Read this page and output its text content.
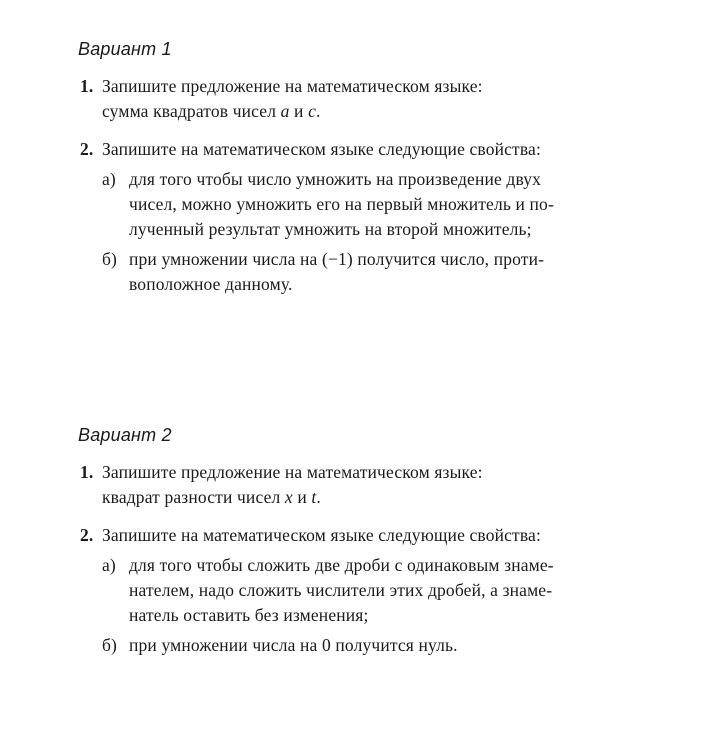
Вариант 1
1. Запишите предложение на математическом языке:
сумма квадратов чисел a и c.
2. Запишите на математическом языке следующие свойства:
а) для того чтобы число умножить на произведение двух
чисел, можно умножить его на первый множитель и по-
лученный результат умножить на второй множитель;
б) при умножении числа на (−1) получится число, проти-
воположное данному.
Вариант 2
1. Запишите предложение на математическом языке:
квадрат разности чисел x и t.
2. Запишите на математическом языке следующие свойства:
а) для того чтобы сложить две дроби с одинаковым знаме-
нателем, надо сложить числители этих дробей, а знаме-
натель оставить без изменения;
б) при умножении числа на 0 получится нуль.
